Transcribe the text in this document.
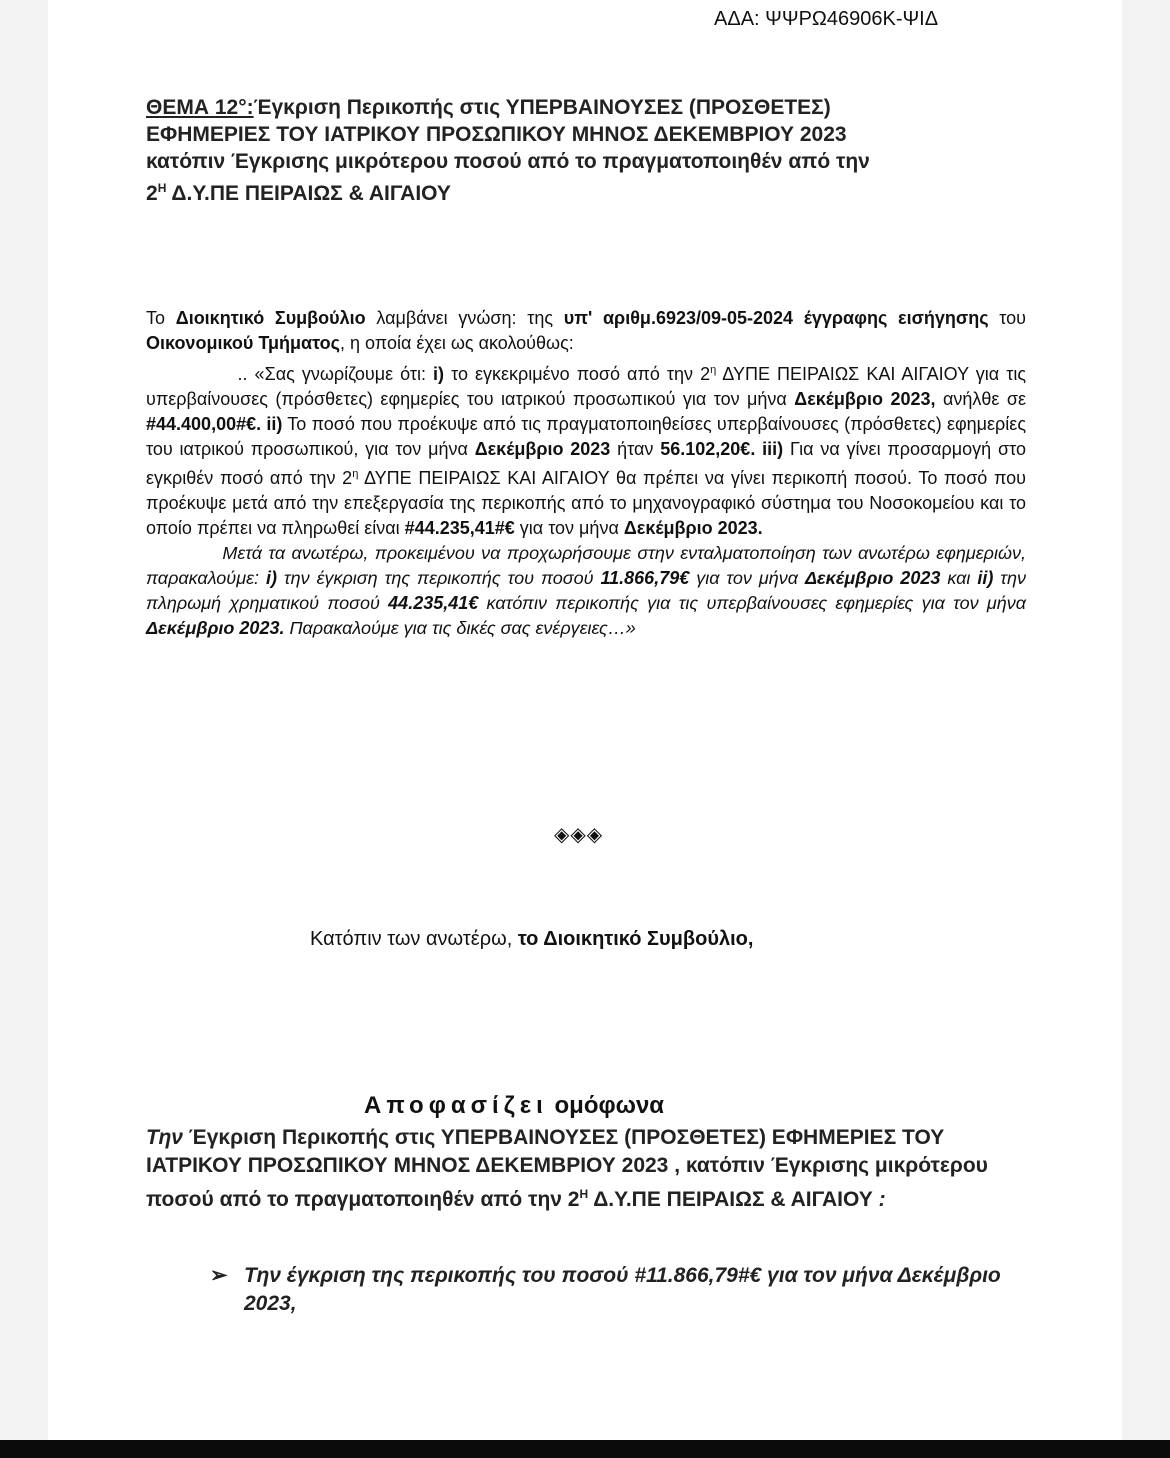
ΑΔΑ: ΨΨΡΩ46906Κ-ΨΙΔ
ΘΕΜΑ 12°:Έγκριση Περικοπής στις ΥΠΕΡΒΑΙΝΟΥΣΕΣ (ΠΡΟΣΘΕΤΕΣ)
ΕΦΗΜΕΡΙΕΣ ΤΟΥ ΙΑΤΡΙΚΟΥ ΠΡΟΣΩΠΙΚΟΥ ΜΗΝΟΣ ΔΕΚΕΜΒΡΙΟΥ 2023
κατόπιν Έγκρισης μικρότερου ποσού από το πραγματοποιηθέν από την
$2^H$ Δ.Υ.ΠΕ ΠΕΙΡΑΙΩΣ & ΑΙΓΑΙΟΥ
Το Διοικητικό Συμβούλιο λαμβάνει γνώση: της υπ' αριθμ.6923/09-05-2024 έγγραφης εισήγησης του Οικονομικού Τμήματος, η οποία έχει ως ακολούθως:

.. «Σας γνωρίζουμε ότι: i) το εγκεκριμένο ποσό από την $2^\eta$ ΔΥΠΕ ΠΕΙΡΑΙΩΣ ΚΑΙ ΑΙΓΑΙΟΥ για τις υπερβαίνουσες (πρόσθετες) εφημερίες του ιατρικού προσωπικού για τον μήνα Δεκέμβριο 2023, ανήλθε σε #44.400,00#€. ii) Το ποσό που προέκυψε από τις πραγματοποιηθείσες υπερβαίνουσες (πρόσθετες) εφημερίες του ιατρικού προσωπικού, για τον μήνα Δεκέμβριο 2023 ήταν 56.102,20€. iii) Για να γίνει προσαρμογή στο εγκριθέν ποσό από την $2^\eta$ ΔΥΠΕ ΠΕΙΡΑΙΩΣ ΚΑΙ ΑΙΓΑΙΟΥ θα πρέπει να γίνει περικοπή ποσού. Το ποσό που προέκυψε μετά από την επεξεργασία της περικοπής από το μηχανογραφικό σύστημα του Νοσοκομείου και το οποίο πρέπει να πληρωθεί είναι #44.235,41#€ για τον μήνα Δεκέμβριο 2023.

Μετά τα ανωτέρω, προκειμένου να προχωρήσουμε στην ενταλματοποίηση των ανωτέρω εφημεριών, παρακαλούμε: i) την έγκριση της περικοπής του ποσού 11.866,79€ για τον μήνα Δεκέμβριο 2023 και ii) την πληρωμή χρηματικού ποσού 44.235,41€ κατόπιν περικοπής για τις υπερβαίνουσες εφημερίες για τον μήνα Δεκέμβριο 2023. Παρακαλούμε για τις δικές σας ενέργειες…»

◈◈◈
Κατόπιν των ανωτέρω, το Διοικητικό Συμβούλιο,
Αποφασίζει ομόφωνα
Την Έγκριση Περικοπής στις ΥΠΕΡΒΑΙΝΟΥΣΕΣ (ΠΡΟΣΘΕΤΕΣ) ΕΦΗΜΕΡΙΕΣ ΤΟΥ ΙΑΤΡΙΚΟΥ ΠΡΟΣΩΠΙΚΟΥ ΜΗΝΟΣ ΔΕΚΕΜΒΡΙΟΥ 2023 , κατόπιν Έγκρισης μικρότερου ποσού από το πραγματοποιηθέν από την $2^H$ Δ.Υ.ΠΕ ΠΕΙΡΑΙΩΣ & ΑΙΓΑΙΟΥ :
➢ Την έγκριση της περικοπής του ποσού #11.866,79#€ για τον μήνα Δεκέμβριο 2023,
